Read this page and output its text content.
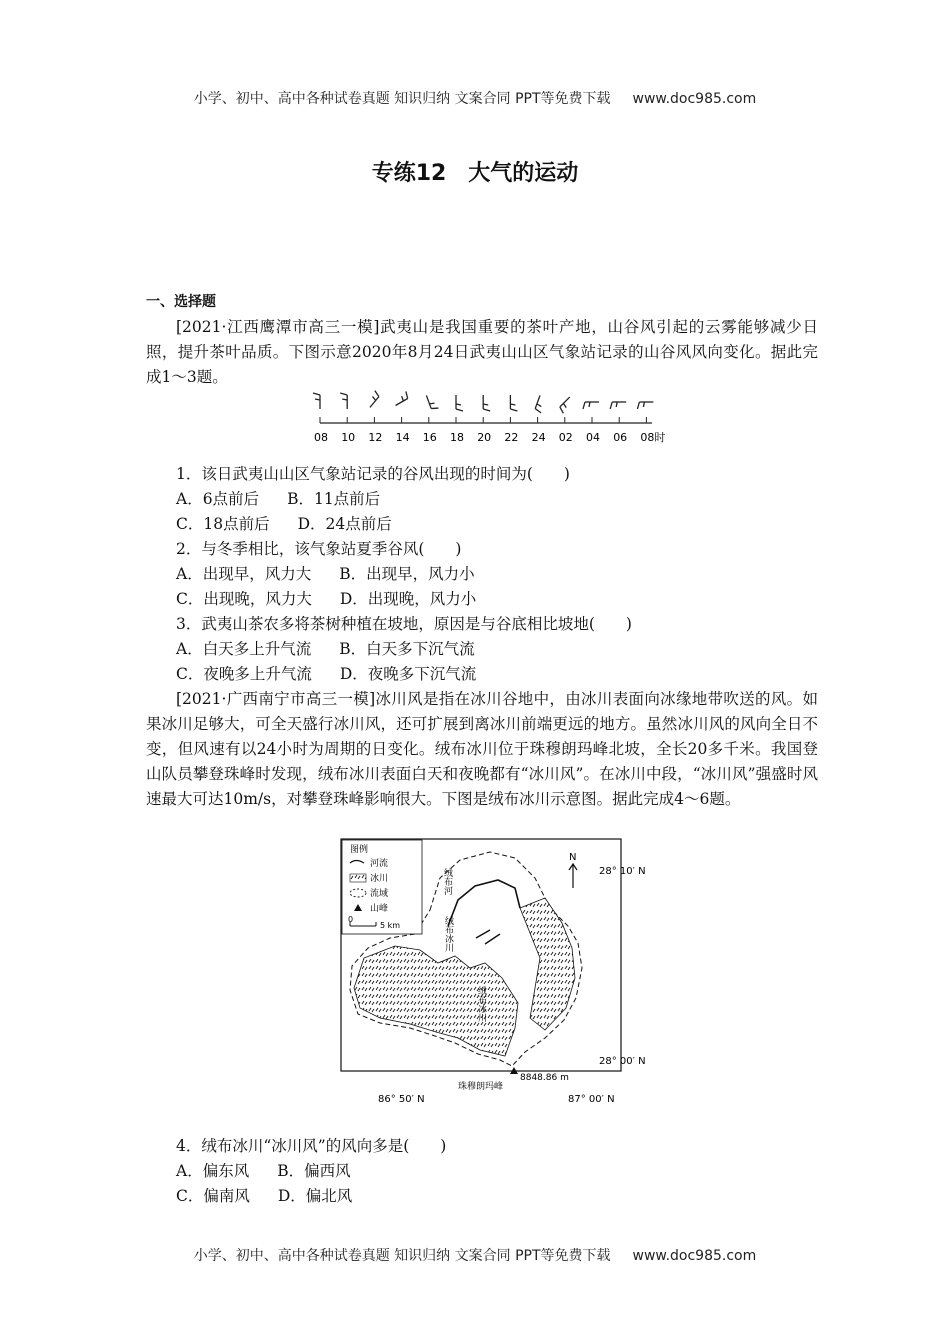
小学、初中、高中各种试卷真题 知识归纳 文案合同 PPT等免费下载 www.doc985.com
专练12　大气的运动
一、选择题

[2021·江西鹰潭市高三一模]武夷山是我国重要的茶叶产地，山谷风引起的云雾能够减少日照，提升茶叶品质。下图示意2020年8月24日武夷山山区气象站记录的山谷风风向变化。据此完成1～3题。

08 10 12 14 16 18 20 22 24 02 04 06 08时

1．该日武夷山山区气象站记录的谷风出现的时间为(　　)

A．6点前后 B．11点前后

C．18点前后 D．24点前后

2．与冬季相比，该气象站夏季谷风(　　)

A．出现早，风力大 B．出现早，风力小

C．出现晚，风力大 D．出现晚，风力小

3．武夷山茶农多将茶树种植在坡地，原因是与谷底相比坡地(　　)

A．白天多上升气流 B．白天多下沉气流

C．夜晚多上升气流 D．夜晚多下沉气流

[2021·广西南宁市高三一模]冰川风是指在冰川谷地中，由冰川表面向冰缘地带吹送的风。如果冰川足够大，可全天盛行冰川风，还可扩展到离冰川前端更远的地方。虽然冰川风的风向全日不变，但风速有以24小时为周期的日变化。绒布冰川位于珠穆朗玛峰北坡，全长20多千米。我国登山队员攀登珠峰时发现，绒布冰川表面白天和夜晚都有“冰川风”。在冰川中段，“冰川风”强盛时风速最大可达10m/s，对攀登珠峰影响很大。下图是绒布冰川示意图。据此完成4～6题。

图例
河流
冰川
流域
山峰
0
5 km
N
28° 10′ N
28° 00′ N
86° 50′ N	87° 00′ N
绒布河
绒布冰川
绒布冰川
8848.86 m
珠穆朗玛峰

4．绒布冰川“冰川风”的风向多是(　　)

A．偏东风 B．偏西风

C．偏南风 D．偏北风

小学、初中、高中各种试卷真题 知识归纳 文案合同 PPT等免费下载 www.doc985.com
